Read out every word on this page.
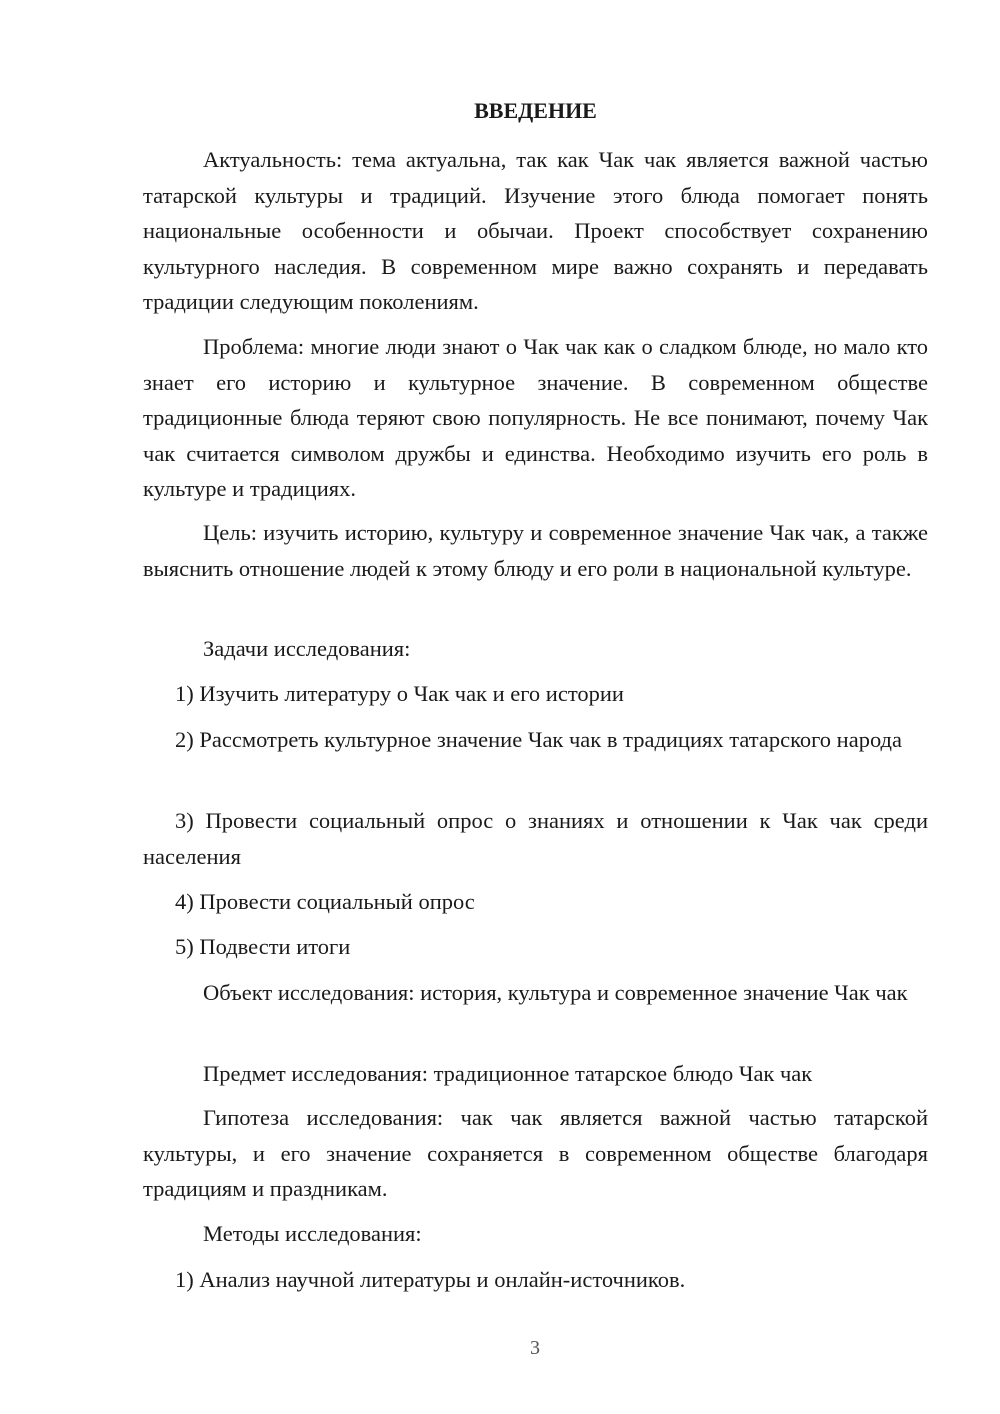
ВВЕДЕНИЕ

Актуальность: тема актуальна, так как Чак чак является важной частью татарской культуры и традиций. Изучение этого блюда помогает понять национальные особенности и обычаи. Проект способствует сохранению культурного наследия. В современном мире важно сохранять и передавать традиции следующим поколениям.

Проблема: многие люди знают о Чак чак как о сладком блюде, но мало кто знает его историю и культурное значение. В современном обществе традиционные блюда теряют свою популярность. Не все понимают, почему Чак чак считается символом дружбы и единства. Необходимо изучить его роль в культуре и традициях.

Цель: изучить историю, культуру и современное значение Чак чак, а также выяснить отношение людей к этому блюду и его роли в национальной культуре.

Задачи исследования:

1) Изучить литературу о Чак чак и его истории

2) Рассмотреть культурное значение Чак чак в традициях татарского народа

3) Провести социальный опрос о знаниях и отношении к Чак чак среди населения

4) Провести социальный опрос

5) Подвести итоги

Объект исследования: история, культура и современное значение Чак чак

Предмет исследования: традиционное татарское блюдо Чак чак

Гипотеза исследования: чак чак является важной частью татарской культуры, и его значение сохраняется в современном обществе благодаря традициям и праздникам.

Методы исследования:

1) Анализ научной литературы и онлайн-источников.

3
